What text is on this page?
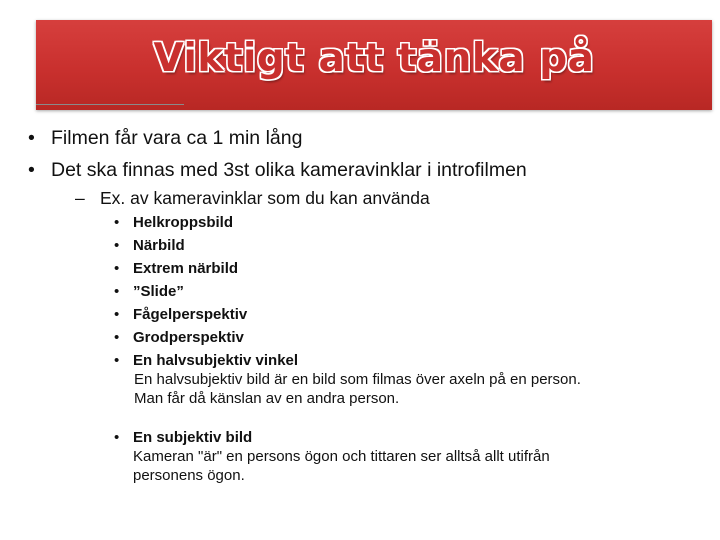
Viktigt att tänka på
• Filmen får vara ca 1 min lång
• Det ska finnas med 3st olika kameravinklar i introfilmen
– Ex. av kameravinklar som du kan använda
• Helkroppsbild
• Närbild
• Extrem närbild
• ”Slide”
• Fågelperspektiv
• Grodperspektiv
• En halvsubjektiv vinkel
En halvsubjektiv bild är en bild som filmas över axeln på en person.
Man får då känslan av en andra person.
• En subjektiv bild
Kameran "är" en persons ögon och tittaren ser alltså allt utifrån
personens ögon.
